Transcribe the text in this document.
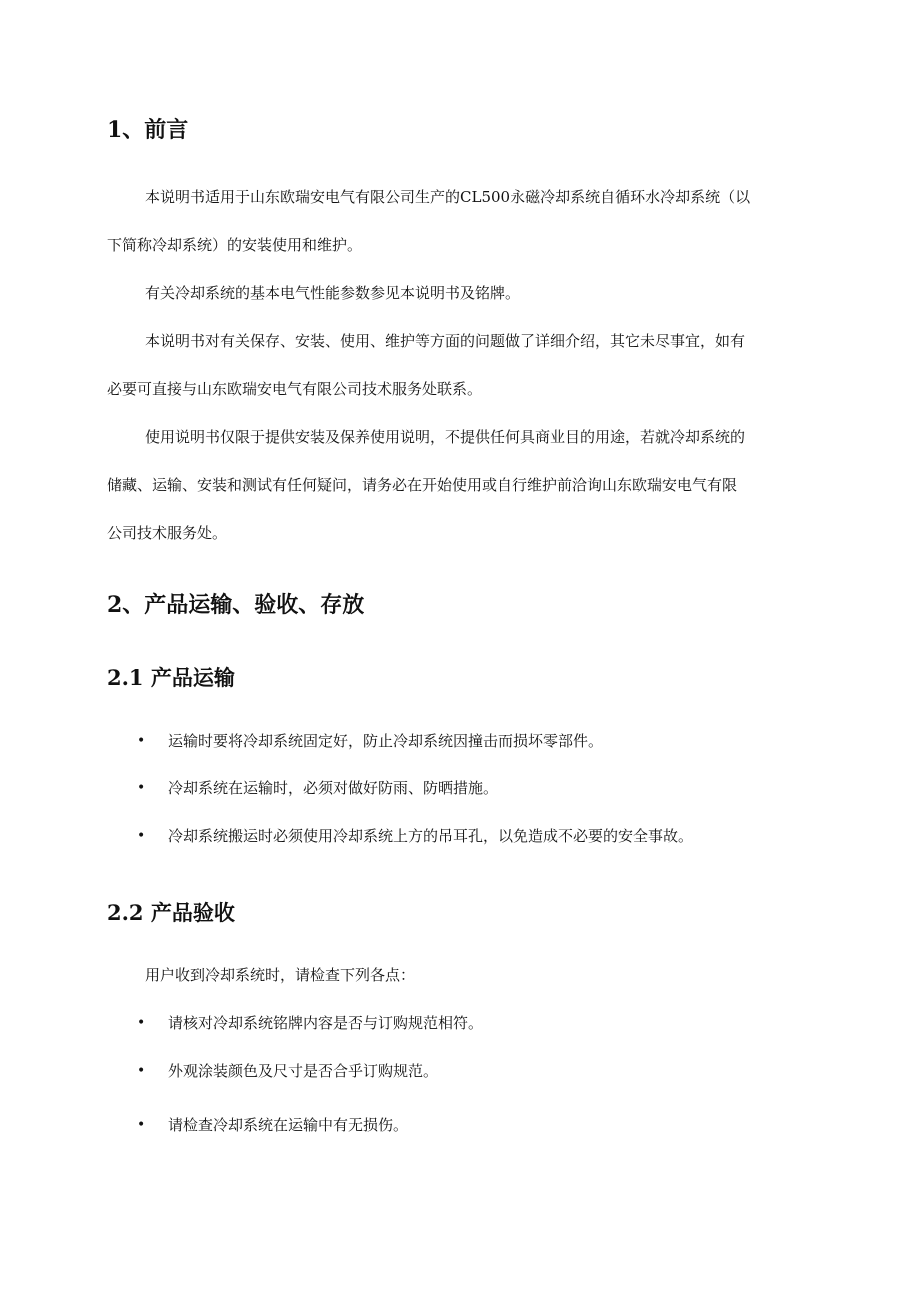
1、前言
本说明书适用于山东欧瑞安电气有限公司生产的CL500永磁冷却系统自循环水冷却系统（以
下简称冷却系统）的安装使用和维护。
有关冷却系统的基本电气性能参数参见本说明书及铭牌。
本说明书对有关保存、安装、使用、维护等方面的问题做了详细介绍，其它未尽事宜，如有
必要可直接与山东欧瑞安电气有限公司技术服务处联系。
使用说明书仅限于提供安装及保养使用说明，不提供任何具商业目的用途，若就冷却系统的
储藏、运输、安装和测试有任何疑问，请务必在开始使用或自行维护前洽询山东欧瑞安电气有限
公司技术服务处。
2、产品运输、验收、存放
2.1 产品运输
• 运输时要将冷却系统固定好，防止冷却系统因撞击而损坏零部件。
• 冷却系统在运输时，必须对做好防雨、防晒措施。
• 冷却系统搬运时必须使用冷却系统上方的吊耳孔，以免造成不必要的安全事故。
2.2 产品验收
用户收到冷却系统时，请检查下列各点：
• 请核对冷却系统铭牌内容是否与订购规范相符。
• 外观涂装颜色及尺寸是否合乎订购规范。
• 请检查冷却系统在运输中有无损伤。
